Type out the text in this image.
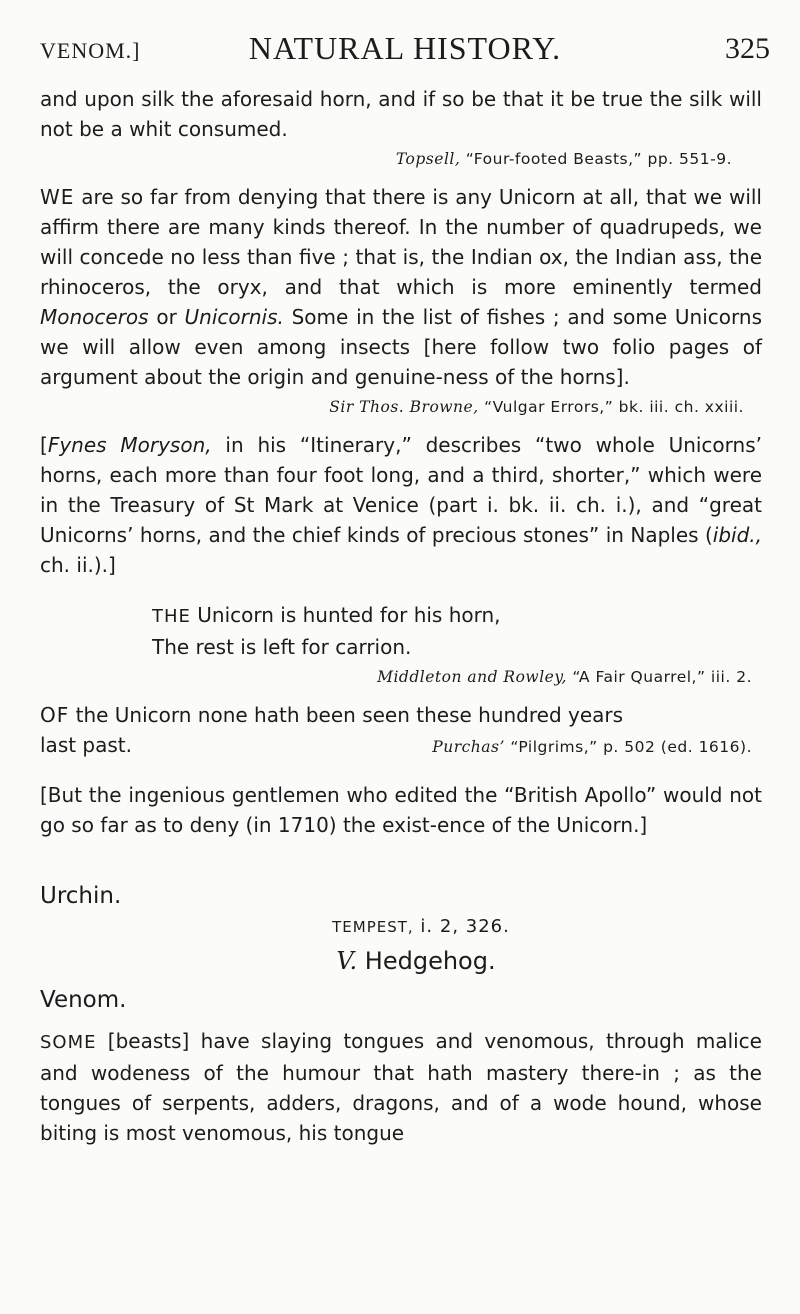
VENOM.]	NATURAL HISTORY.	325

and upon silk the aforesaid horn, and if so be that it be true the silk will not be a whit consumed.

Topsell, “Four-footed Beasts,” pp. 551-9.

WE are so far from denying that there is any Unicorn at all, that we will affirm there are many kinds thereof. In the number of quadrupeds, we will concede no less than five ; that is, the Indian ox, the Indian ass, the rhinoceros, the oryx, and that which is more eminently termed Monoceros or Unicornis. Some in the list of fishes ; and some Unicorns we will allow even among insects [here follow two folio pages of argument about the origin and genuine-ness of the horns].

Sir Thos. Browne, “Vulgar Errors,” bk. iii. ch. xxiii.

[Fynes Moryson, in his “Itinerary,” describes “two whole Unicorns’ horns, each more than four foot long, and a third, shorter,” which were in the Treasury of St Mark at Venice (part i. bk. ii. ch. i.), and “great Unicorns’ horns, and the chief kinds of precious stones” in Naples (ibid., ch. ii.).]

THE Unicorn is hunted for his horn,
The rest is left for carrion.

Middleton and Rowley, “A Fair Quarrel,” iii. 2.

OF the Unicorn none hath been seen these hundred years

last past.	Purchas’ “Pilgrims,” p. 502 (ed. 1616).

[But the ingenious gentlemen who edited the “British Apollo” would not go so far as to deny (in 1710) the exist-ence of the Unicorn.]

Urchin.

TEMPEST, i. 2, 326.
V. Hedgehog.

Venom.

SOME [beasts] have slaying tongues and venomous, through malice and wodeness of the humour that hath mastery there-in ; as the tongues of serpents, adders, dragons, and of a wode hound, whose biting is most venomous, his tongue
